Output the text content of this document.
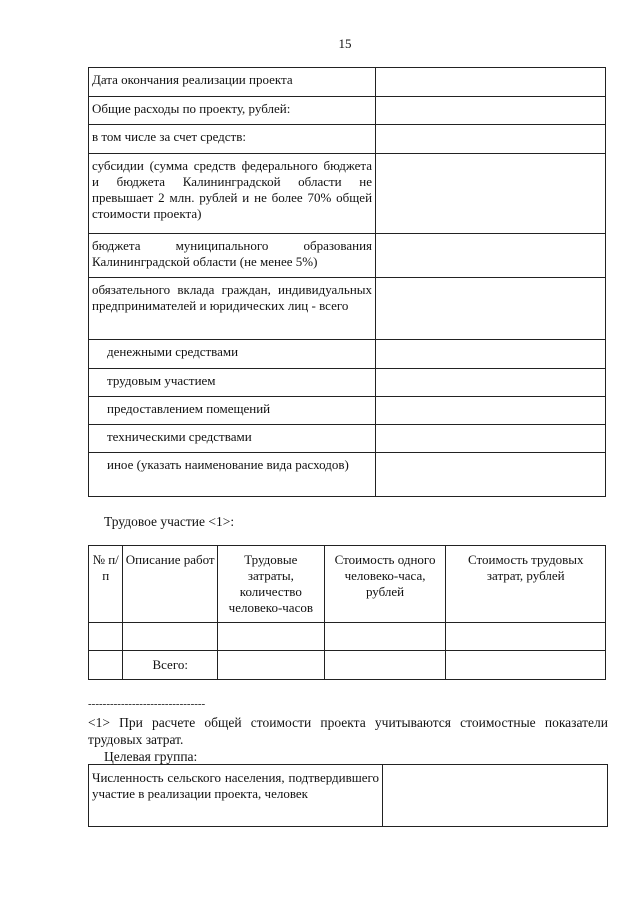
15
Дата окончания реализации проекта	
Общие расходы по проекту, рублей:	
в том числе за счет средств:	
субсидии (сумма средств федерального бюджета и бюджета Калининградской области не превышает 2 млн. рублей и не более 70% общей стоимости проекта)	
бюджета муниципального образования Калининградской области (не менее 5%)	
обязательного вклада граждан, индивидуальных предпринимателей и юридических лиц - всего	
денежными средствами	
трудовым участием	
предоставлением помещений	
техническими средствами	
иное (указать наименование вида расходов)	
Трудовое участие <1>:
№ п/п	Описание работ	Трудовые затраты, количество человеко-часов	Стоимость одного человеко-часа, рублей	Стоимость трудовых затрат, рублей

	Всего:			
--------------------------------
<1> При расчете общей стоимости проекта учитываются стоимостные показатели трудовых затрат.
Целевая группа:
Численность сельского населения, подтвердившего участие в реализации проекта, человек	
